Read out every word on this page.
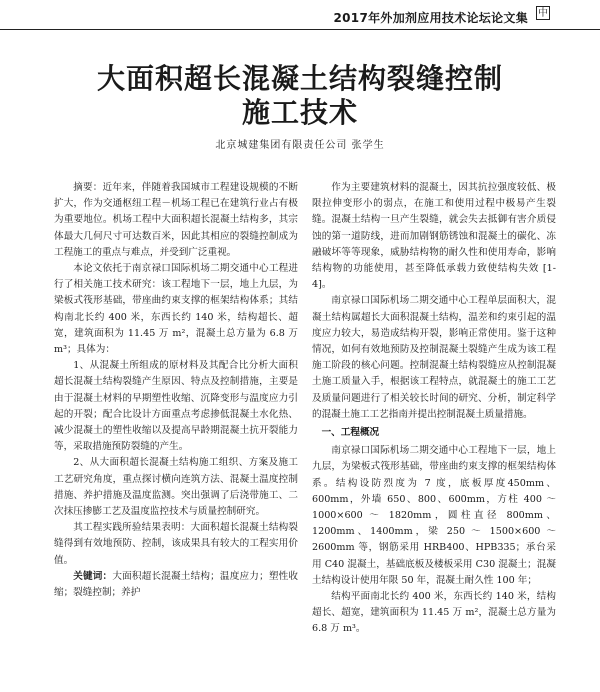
2017年外加剂应用技术论坛论文集 中
大面积超长混凝土结构裂缝控制
施工技术
北京城建集团有限责任公司 张学生

摘要：近年来，伴随着我国城市工程建设规模的不断扩大，作为交通枢纽工程－机场工程已在建筑行业占有极为重要地位。机场工程中大面积超长混凝土结构多，其宗体最大几何尺寸可达数百米，因此其相应的裂缝控制成为工程施工的重点与难点，并受到广泛重视。

本论文依托于南京禄口国际机场二期交通中心工程进行了相关施工技术研究：该工程地下一层，地上九层，为梁板式筏形基础，带座曲约束支撑的框架结构体系；其结构南北长约 400 米，东西长约 140 米，结构超长、超宽，建筑面积为 11.45 万 m²，混凝土总方量为 6.8 万 m³；具体为：

1、从混凝土所组成的原材料及其配合比分析大面积超长混凝土结构裂缝产生原因、特点及控制措施，主要是由于混凝土材料的早期塑性收缩、沉降变形与温度应力引起的开裂；配合比设计方面重点考虑掺低混凝土水化热、减少混凝土的塑性收缩以及提高早龄期混凝土抗开裂能力等，采取措施预防裂缝的产生。

2、从大面积超长混凝土结构施工组织、方案及施工工艺研究角度，重点探讨横向连筑方法、混凝土温度控制措施、养护措施及温度监测。突出强调了后浇带施工、二次抹压掺膨工艺及温度监控技术与质量控制研究。

其工程实践所验结果表明：大面积超长混凝土结构裂缝得到有效地预防、控制，该成果具有较大的工程实用价值。

关键词：大面积超长混凝土结构；温度应力；塑性收缩；裂缝控制；养护

作为主要建筑材料的混凝土，因其抗拉强度较低、极限拉伸变形小的弱点，在施工和使用过程中极易产生裂缝。混凝土结构一旦产生裂缝，就会失去抵御有害介质侵蚀的第一道防线，进而加剧钢筋锈蚀和混凝土的碳化、冻融破坏等等现象，威胁结构物的耐久性和使用寿命，影响结构物的功能使用，甚至降低承载力致使结构失效 [1-4]。

南京禄口国际机场二期交通中心工程单层面积大，混凝土结构属超长大面积混凝土结构，温差和约束引起的温度应力较大，易造成结构开裂，影响正常使用。鉴于这种情况，如何有效地预防及控制混凝土裂缝产生成为该工程施工阶段的核心问题。控制混凝土结构裂缝应从控制混凝土施工质量入手，根据该工程特点，就混凝土的施工工艺及质量问题进行了相关较长时间的研究、分析，制定科学的混凝土施工工艺指南并提出控制混凝土质量措施。

一、工程概况

南京禄口国际机场二期交通中心工程地下一层，地上九层，为梁板式筏形基础，带座曲约束支撑的框架结构体系。结构设防烈度为 7 度，底板厚度450mm、600mm，外墙 650、800、600mm，方柱 400 ～ 1000×600 ～ 1820mm，圆柱直径 800mm、1200mm、1400mm，梁 250 ～ 1500×600 ～ 2600mm 等，钢筋采用 HRB400、HPB335；承台采用 C40 混凝土，基础底板及楼板采用 C30 混凝土；混凝土结构设计使用年限 50 年，混凝土耐久性 100 年；

结构平面南北长约 400 米，东西长约 140 米，结构超长、超宽，建筑面积为 11.45 万 m²，混凝土总方量为 6.8 万 m³。
